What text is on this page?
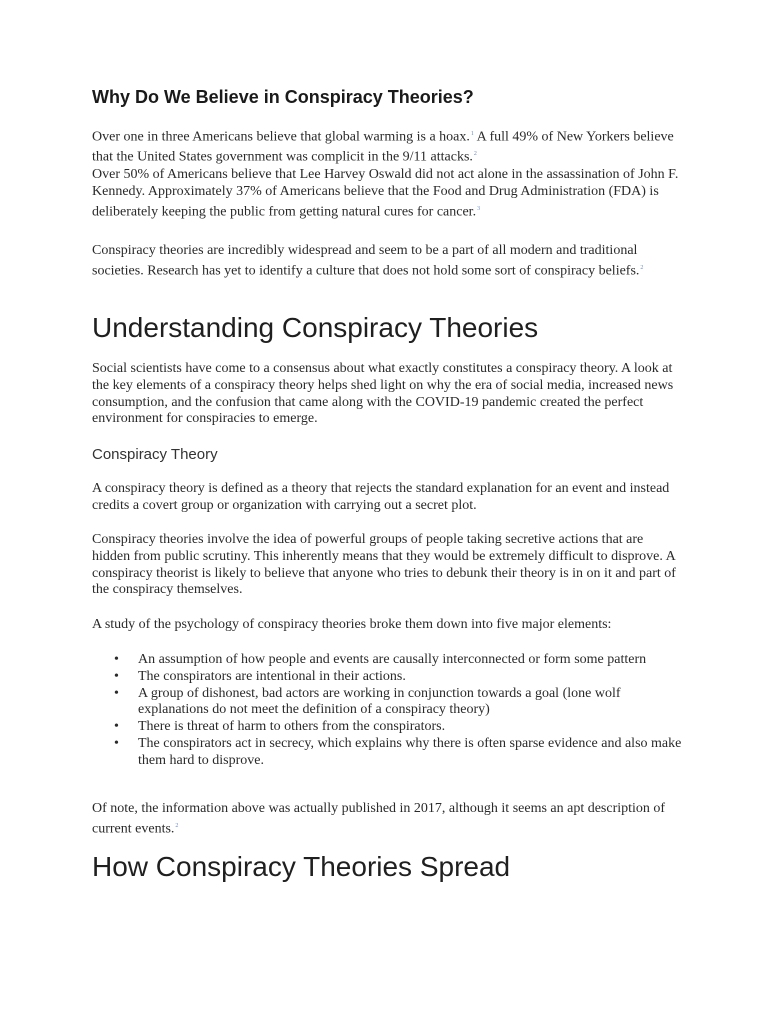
Why Do We Believe in Conspiracy Theories?

Over one in three Americans believe that global warming is a hoax.$^1$ A full 49% of New Yorkers believe that the United States government was complicit in the 9/11 attacks.$^2$
Over 50% of Americans believe that Lee Harvey Oswald did not act alone in the assassination of John F. Kennedy. Approximately 37% of Americans believe that the Food and Drug Administration (FDA) is deliberately keeping the public from getting natural cures for cancer.$^3$

Conspiracy theories are incredibly widespread and seem to be a part of all modern and traditional societies. Research has yet to identify a culture that does not hold some sort of conspiracy beliefs.$^2$

Understanding Conspiracy Theories

Social scientists have come to a consensus about what exactly constitutes a conspiracy theory. A look at the key elements of a conspiracy theory helps shed light on why the era of social media, increased news consumption, and the confusion that came along with the COVID-19 pandemic created the perfect environment for conspiracies to emerge.

Conspiracy Theory

A conspiracy theory is defined as a theory that rejects the standard explanation for an event and instead credits a covert group or organization with carrying out a secret plot.

Conspiracy theories involve the idea of powerful groups of people taking secretive actions that are hidden from public scrutiny. This inherently means that they would be extremely difficult to disprove. A conspiracy theorist is likely to believe that anyone who tries to debunk their theory is in on it and part of the conspiracy themselves.

A study of the psychology of conspiracy theories broke them down into five major elements:

• An assumption of how people and events are causally interconnected or form some pattern
• The conspirators are intentional in their actions.
• A group of dishonest, bad actors are working in conjunction towards a goal (lone wolf explanations do not meet the definition of a conspiracy theory)
• There is threat of harm to others from the conspirators.
• The conspirators act in secrecy, which explains why there is often sparse evidence and also make them hard to disprove.

Of note, the information above was actually published in 2017, although it seems an apt description of current events.$^2$

How Conspiracy Theories Spread
